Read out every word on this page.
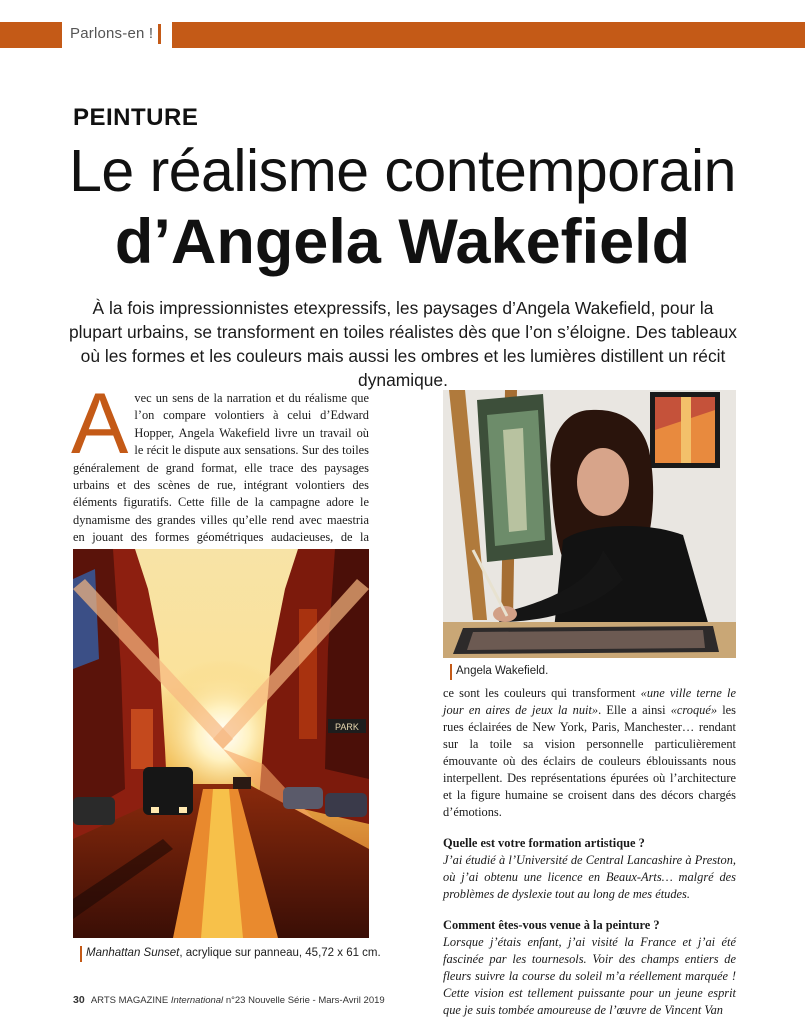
Parlons-en !
PEINTURE
Le réalisme contemporain
d’Angela Wakefield
À la fois impressionnistes etexpressifs, les paysages d’Angela Wakefield, pour la plupart urbains, se transforment en toiles réalistes dès que l’on s’éloigne. Des tableaux où les formes et les couleurs mais aussi les ombres et les lumières distillent un récit dynamique.
Avec un sens de la narration et du réalisme que l’on compare volontiers à celui d’Edward Hopper, Angela Wakefield livre un travail où le récit le dispute aux sensations. Sur des toiles généralement de grand format, elle trace des paysages urbains et des scènes de rue, intégrant volontiers des éléments figuratifs. Cette fille de la campagne adore le dynamisme des grandes villes qu’elle rend avec maestria en jouant des formes géométriques audacieuses, de la
PARK
Manhattan Sunset, acrylique sur panneau, 45,72 x 61 cm.
Angela Wakefield.

ce sont les couleurs qui transforment «une ville terne le jour en aires de jeux la nuit». Elle a ainsi «croqué» les rues éclairées de New York, Paris, Manchester… rendant sur la toile sa vision personnelle particulièrement émouvante où des éclairs de couleurs éblouissants nous interpellent. Des représentations épurées où l’architecture et la figure humaine se croisent dans des décors chargés d’émotions.

Quelle est votre formation artistique ?

J’ai étudié à l’Université de Central Lancashire à Preston, où j’ai obtenu une licence en Beaux-Arts… malgré des problèmes de dyslexie tout au long de mes études.

Comment êtes-vous venue à la peinture ?

Lorsque j’étais enfant, j’ai visité la France et j’ai été fascinée par les tournesols. Voir des champs entiers de fleurs suivre la course du soleil m’a réellement marquée ! Cette vision est tellement puissante pour un jeune esprit que je suis tombée amoureuse de l’œuvre de Vincent Van

30 ARTS MAGAZINE International n°23 Nouvelle Série - Mars-Avril 2019
